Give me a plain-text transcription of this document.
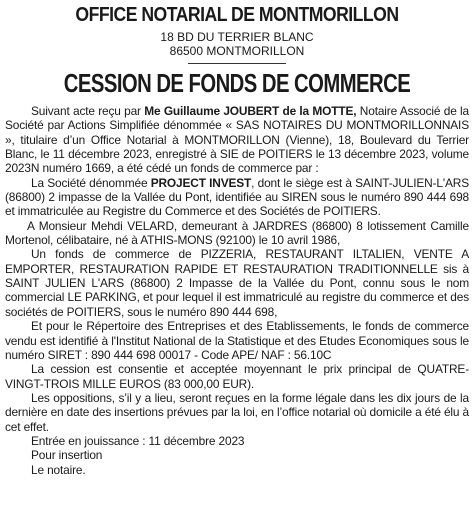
OFFICE NOTARIAL DE MONTMORILLON
18 BD DU TERRIER BLANC
86500 MONTMORILLON
CESSION DE FONDS DE COMMERCE

Suivant acte reçu par Me Guillaume JOUBERT de la MOTTE, Notaire Associé de la Société par Actions Simplifiée dénommée « SAS NOTAIRES DU MONTMORILLONNAIS », titulaire d’un Office Notarial à MONTMORILLON (Vienne), 18, Boulevard du Terrier Blanc, le 11 décembre 2023, enregistré à SIE de POITIERS le 13 décembre 2023, volume 2023N numéro 1669, a été cédé un fonds de commerce par :

La Société dénommée PROJECT INVEST, dont le siège est à SAINT-JULIEN-L'ARS (86800) 2 impasse de la Vallée du Pont, identifiée au SIREN sous le numéro 890 444 698 et immatriculée au Registre du Commerce et des Sociétés de POITIERS.

A Monsieur Mehdi VELARD, demeurant à JARDRES (86800) 8 lotissement Camille Mortenol, célibataire, né à ATHIS-MONS (92100) le 10 avril 1986,

Un fonds de commerce de PIZZERIA, RESTAURANT ILTALIEN, VENTE A EMPORTER, RESTAURATION RAPIDE ET RESTAURATION TRADITIONNELLE sis à SAINT JULIEN L'ARS (86800) 2 Impasse de la Vallée du Pont, connu sous le nom commercial LE PARKING, et pour lequel il est immatriculé au registre du commerce et des sociétés de POITIERS, sous le numéro 890 444 698,

Et pour le Répertoire des Entreprises et des Etablissements, le fonds de commerce vendu est identifié à l'Institut National de la Statistique et des Etudes Economiques sous le numéro SIRET : 890 444 698 00017 - Code APE/ NAF : 56.10C

La cession est consentie et acceptée moyennant le prix principal de QUATRE-VINGT-TROIS MILLE EUROS (83 000,00 EUR).

Les oppositions, s’il y a lieu, seront reçues en la forme légale dans les dix jours de la dernière en date des insertions prévues par la loi, en l’office notarial où domicile a été élu à cet effet.

Entrée en jouissance : 11 décembre 2023

Pour insertion

Le notaire.
